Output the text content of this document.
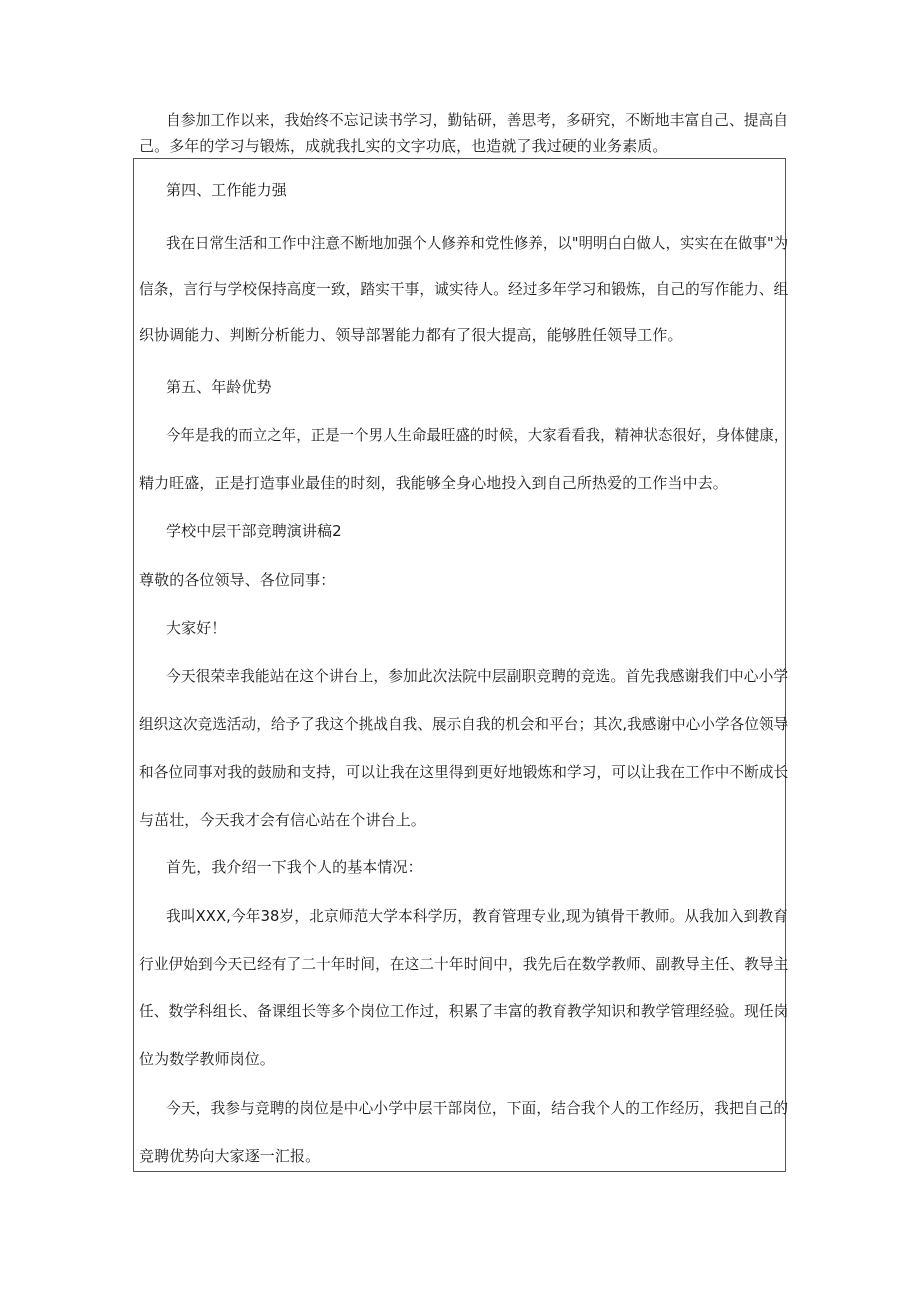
自参加工作以来，我始终不忘记读书学习，勤钻研，善思考，多研究，不断地丰富自己、提高自

己。多年的学习与锻炼，成就我扎实的文字功底，也造就了我过硬的业务素质。

第四、工作能力强

我在日常生活和工作中注意不断地加强个人修养和党性修养，以"明明白白做人，实实在在做事"为

信条，言行与学校保持高度一致，踏实干事，诚实待人。经过多年学习和锻炼，自己的写作能力、组

织协调能力、判断分析能力、领导部署能力都有了很大提高，能够胜任领导工作。

第五、年龄优势

今年是我的而立之年，正是一个男人生命最旺盛的时候，大家看看我，精神状态很好，身体健康，

精力旺盛，正是打造事业最佳的时刻，我能够全身心地投入到自己所热爱的工作当中去。

学校中层干部竞聘演讲稿2

尊敬的各位领导、各位同事：

大家好！

今天很荣幸我能站在这个讲台上，参加此次法院中层副职竞聘的竞选。首先我感谢我们中心小学

组织这次竞选活动，给予了我这个挑战自我、展示自我的机会和平台；其次,我感谢中心小学各位领导

和各位同事对我的鼓励和支持，可以让我在这里得到更好地锻炼和学习，可以让我在工作中不断成长

与茁壮，今天我才会有信心站在个讲台上。

首先，我介绍一下我个人的基本情况：

我叫XXX,今年38岁，北京师范大学本科学历，教育管理专业,现为镇骨干教师。从我加入到教育

行业伊始到今天已经有了二十年时间，在这二十年时间中，我先后在数学教师、副教导主任、教导主

任、数学科组长、备课组长等多个岗位工作过，积累了丰富的教育教学知识和教学管理经验。现任岗

位为数学教师岗位。

今天，我参与竞聘的岗位是中心小学中层干部岗位，下面，结合我个人的工作经历，我把自己的

竞聘优势向大家逐一汇报。
